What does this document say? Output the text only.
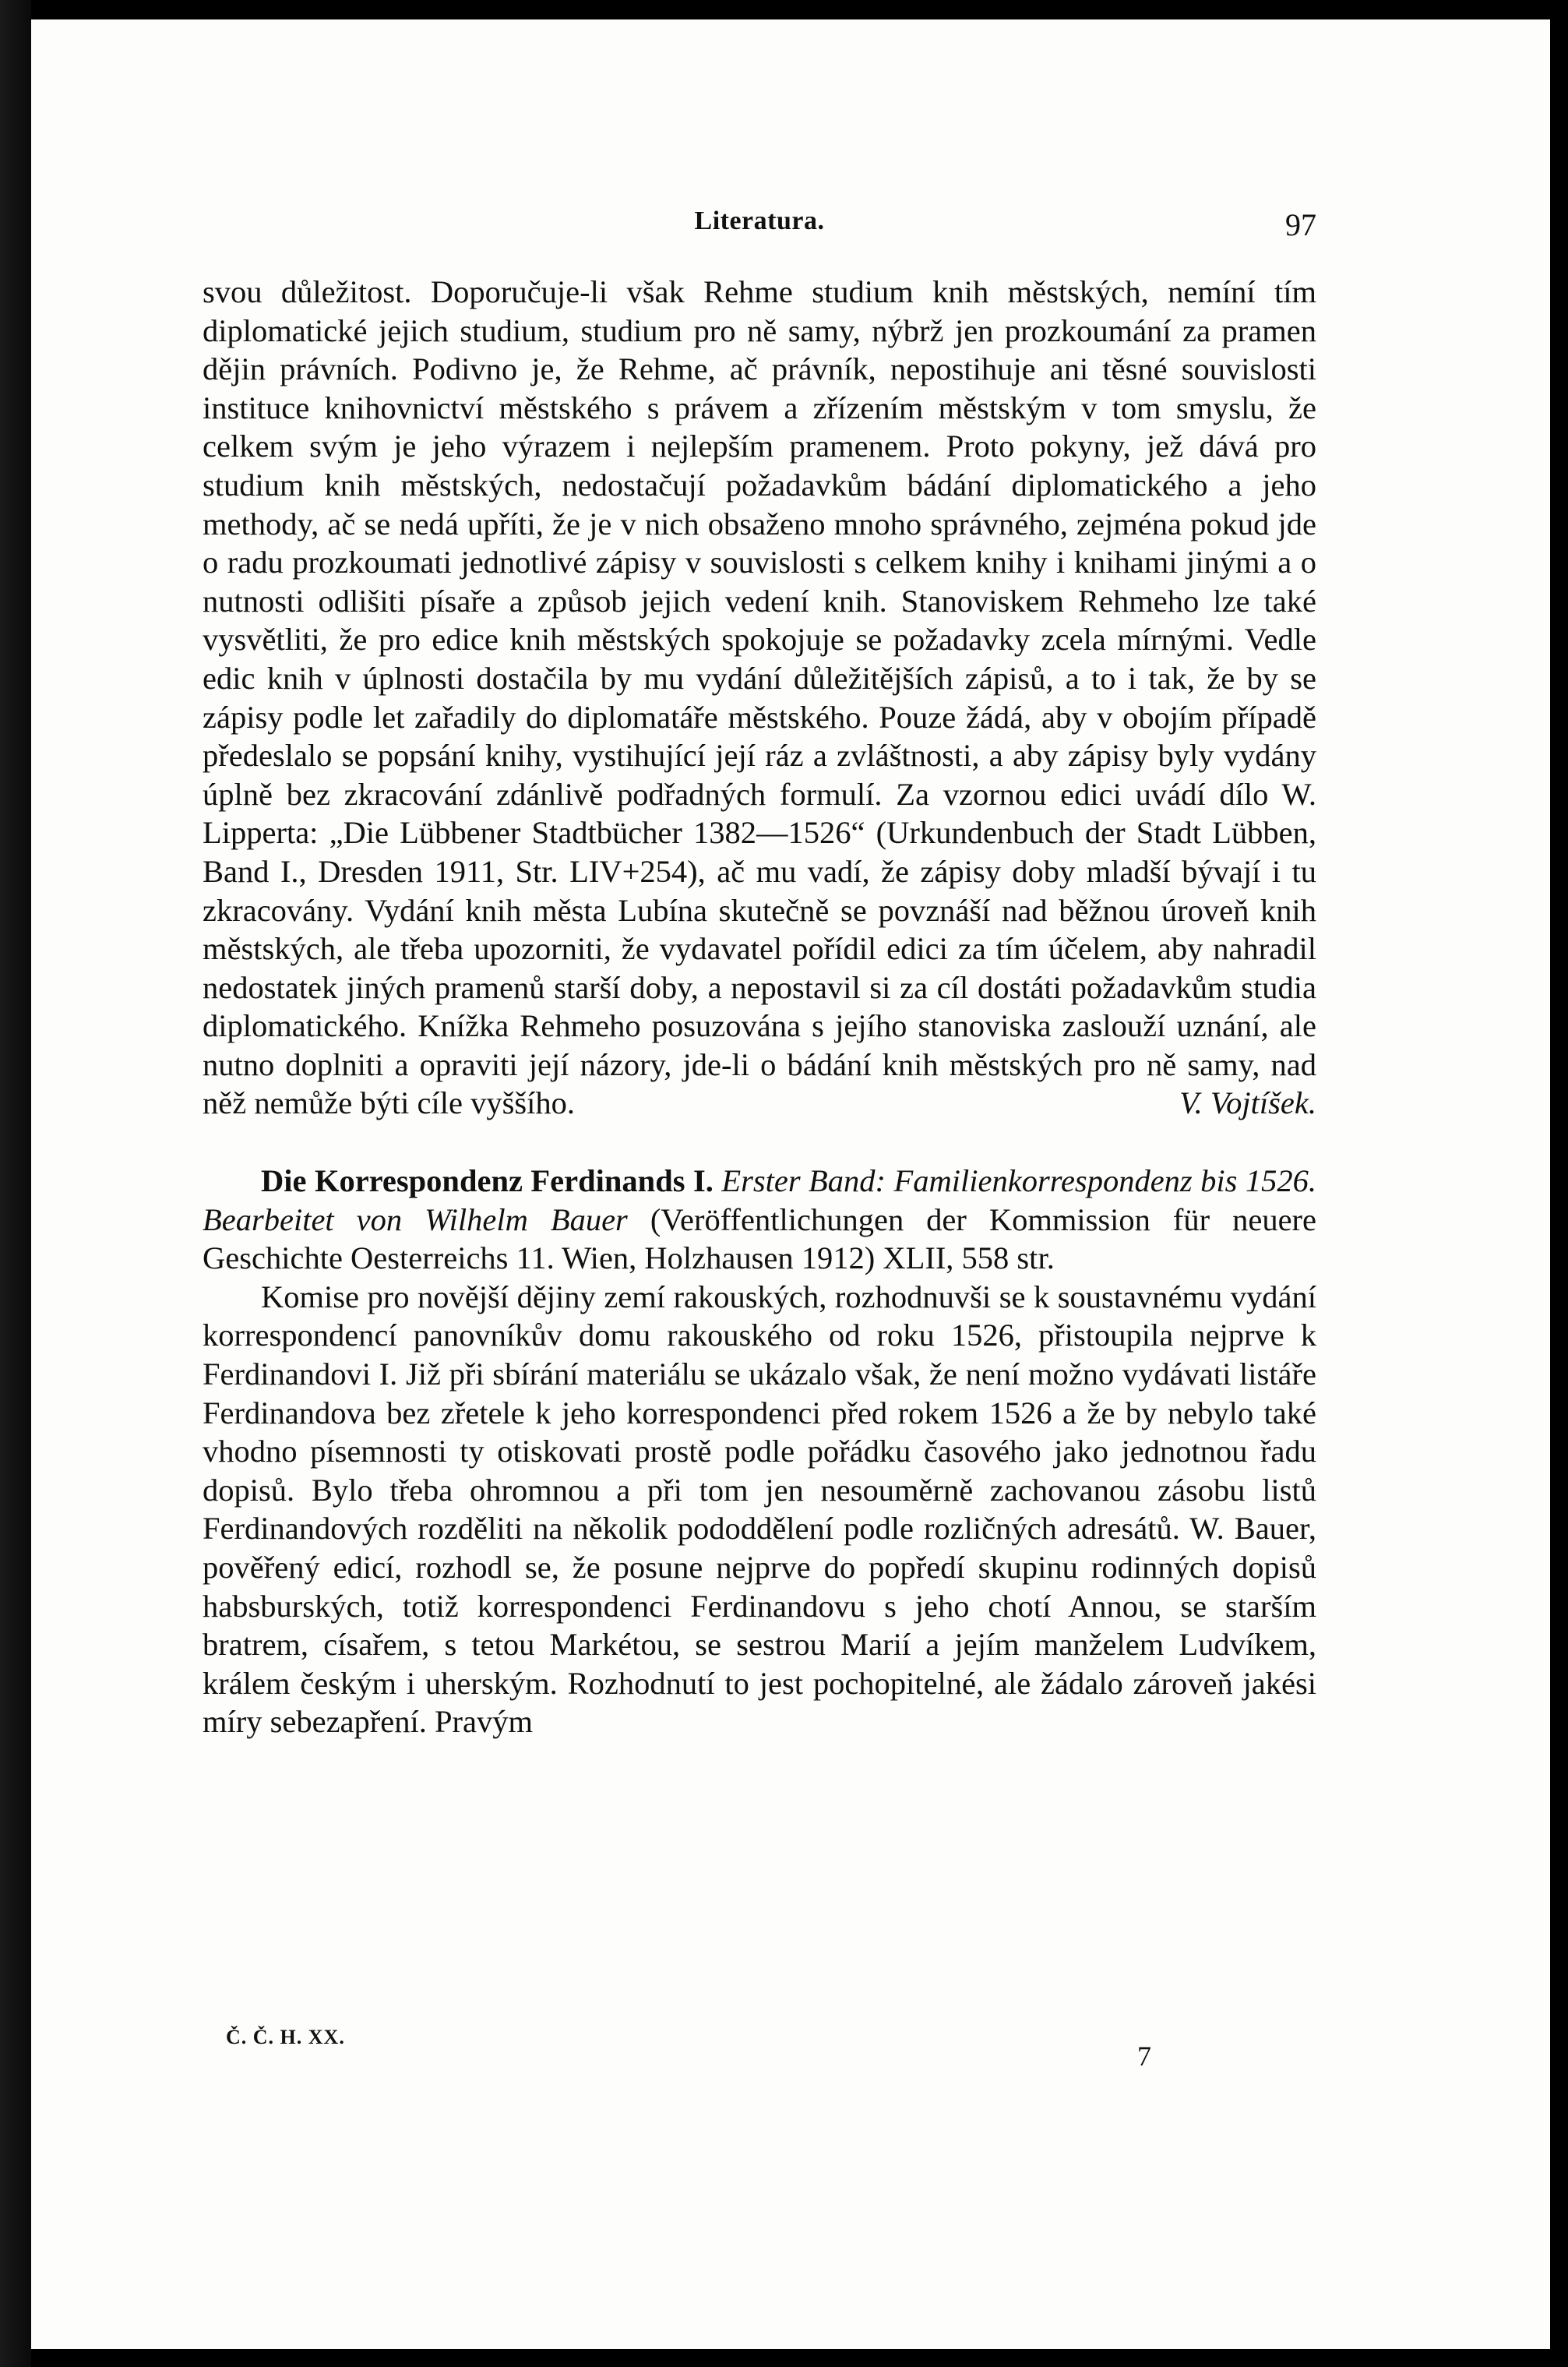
Literatura.	97

svou důležitost. Doporučuje-li však Rehme studium knih městských, nemíní tím diplomatické jejich studium, studium pro ně samy, nýbrž jen prozkoumání za pramen dějin právních. Podivno je, že Rehme, ač právník, nepostihuje ani těsné souvislosti instituce knihovnictví městského s právem a zřízením městským v tom smyslu, že celkem svým je jeho výrazem i nejlepším pramenem. Proto pokyny, jež dává pro studium knih městských, nedostačují požadavkům bádání diplomatického a jeho methody, ač se nedá upříti, že je v nich obsaženo mnoho správného, zejména pokud jde o radu prozkoumati jednotlivé zápisy v souvislosti s celkem knihy i knihami jinými a o nutnosti odlišiti písaře a způsob jejich vedení knih. Stanoviskem Rehmeho lze také vysvětliti, že pro edice knih městských spokojuje se požadavky zcela mírnými. Vedle edic knih v úplnosti dostačila by mu vydání důležitějších zápisů, a to i tak, že by se zápisy podle let zařadily do diplomatáře městského. Pouze žádá, aby v obojím případě předeslalo se popsání knihy, vystihující její ráz a zvláštnosti, a aby zápisy byly vydány úplně bez zkracování zdánlivě podřadných formulí. Za vzornou edici uvádí dílo W. Lipperta: „Die Lübbener Stadtbücher 1382—1526“ (Urkundenbuch der Stadt Lübben, Band I., Dresden 1911, Str. LIV+254), ač mu vadí, že zápisy doby mladší bývají i tu zkracovány. Vydání knih města Lubína skutečně se povznáší nad běžnou úroveň knih městských, ale třeba upozorniti, že vydavatel pořídil edici za tím účelem, aby nahradil nedostatek jiných pramenů starší doby, a nepostavil si za cíl dostáti požadavkům studia diplomatického. Knížka Rehmeho posuzována s jejího stanoviska zaslouží uznání, ale nutno doplniti a opraviti její názory, jde-li o bádání knih městských pro ně samy, nad něž nemůže býti cíle vyššího.	V. Vojtíšek.

Die Korrespondenz Ferdinands I. Erster Band: Familienkorrespondenz bis 1526. Bearbeitet von Wilhelm Bauer (Veröffentlichungen der Kommission für neuere Geschichte Oesterreichs 11. Wien, Holzhausen 1912) XLII, 558 str.

Komise pro novější dějiny zemí rakouských, rozhodnuvši se k soustavnému vydání korrespondencí panovníkův domu rakouského od roku 1526, přistoupila nejprve k Ferdinandovi I. Již při sbírání materiálu se ukázalo však, že není možno vydávati listáře Ferdinandova bez zřetele k jeho korrespondenci před rokem 1526 a že by nebylo také vhodno písemnosti ty otiskovati prostě podle pořádku časového jako jednotnou řadu dopisů. Bylo třeba ohromnou a při tom jen nesouměrně zachovanou zásobu listů Ferdinandových rozděliti na několik pododdělení podle rozličných adresátů. W. Bauer, pověřený edicí, rozhodl se, že posune nejprve do popředí skupinu rodinných dopisů habsburských, totiž korrespondenci Ferdinandovu s jeho chotí Annou, se starším bratrem, císařem, s tetou Markétou, se sestrou Marií a jejím manželem Ludvíkem, králem českým i uherským. Rozhodnutí to jest pochopitelné, ale žádalo zároveň jakési míry sebezapření. Pravým

Č. Č. H. XX.
7
